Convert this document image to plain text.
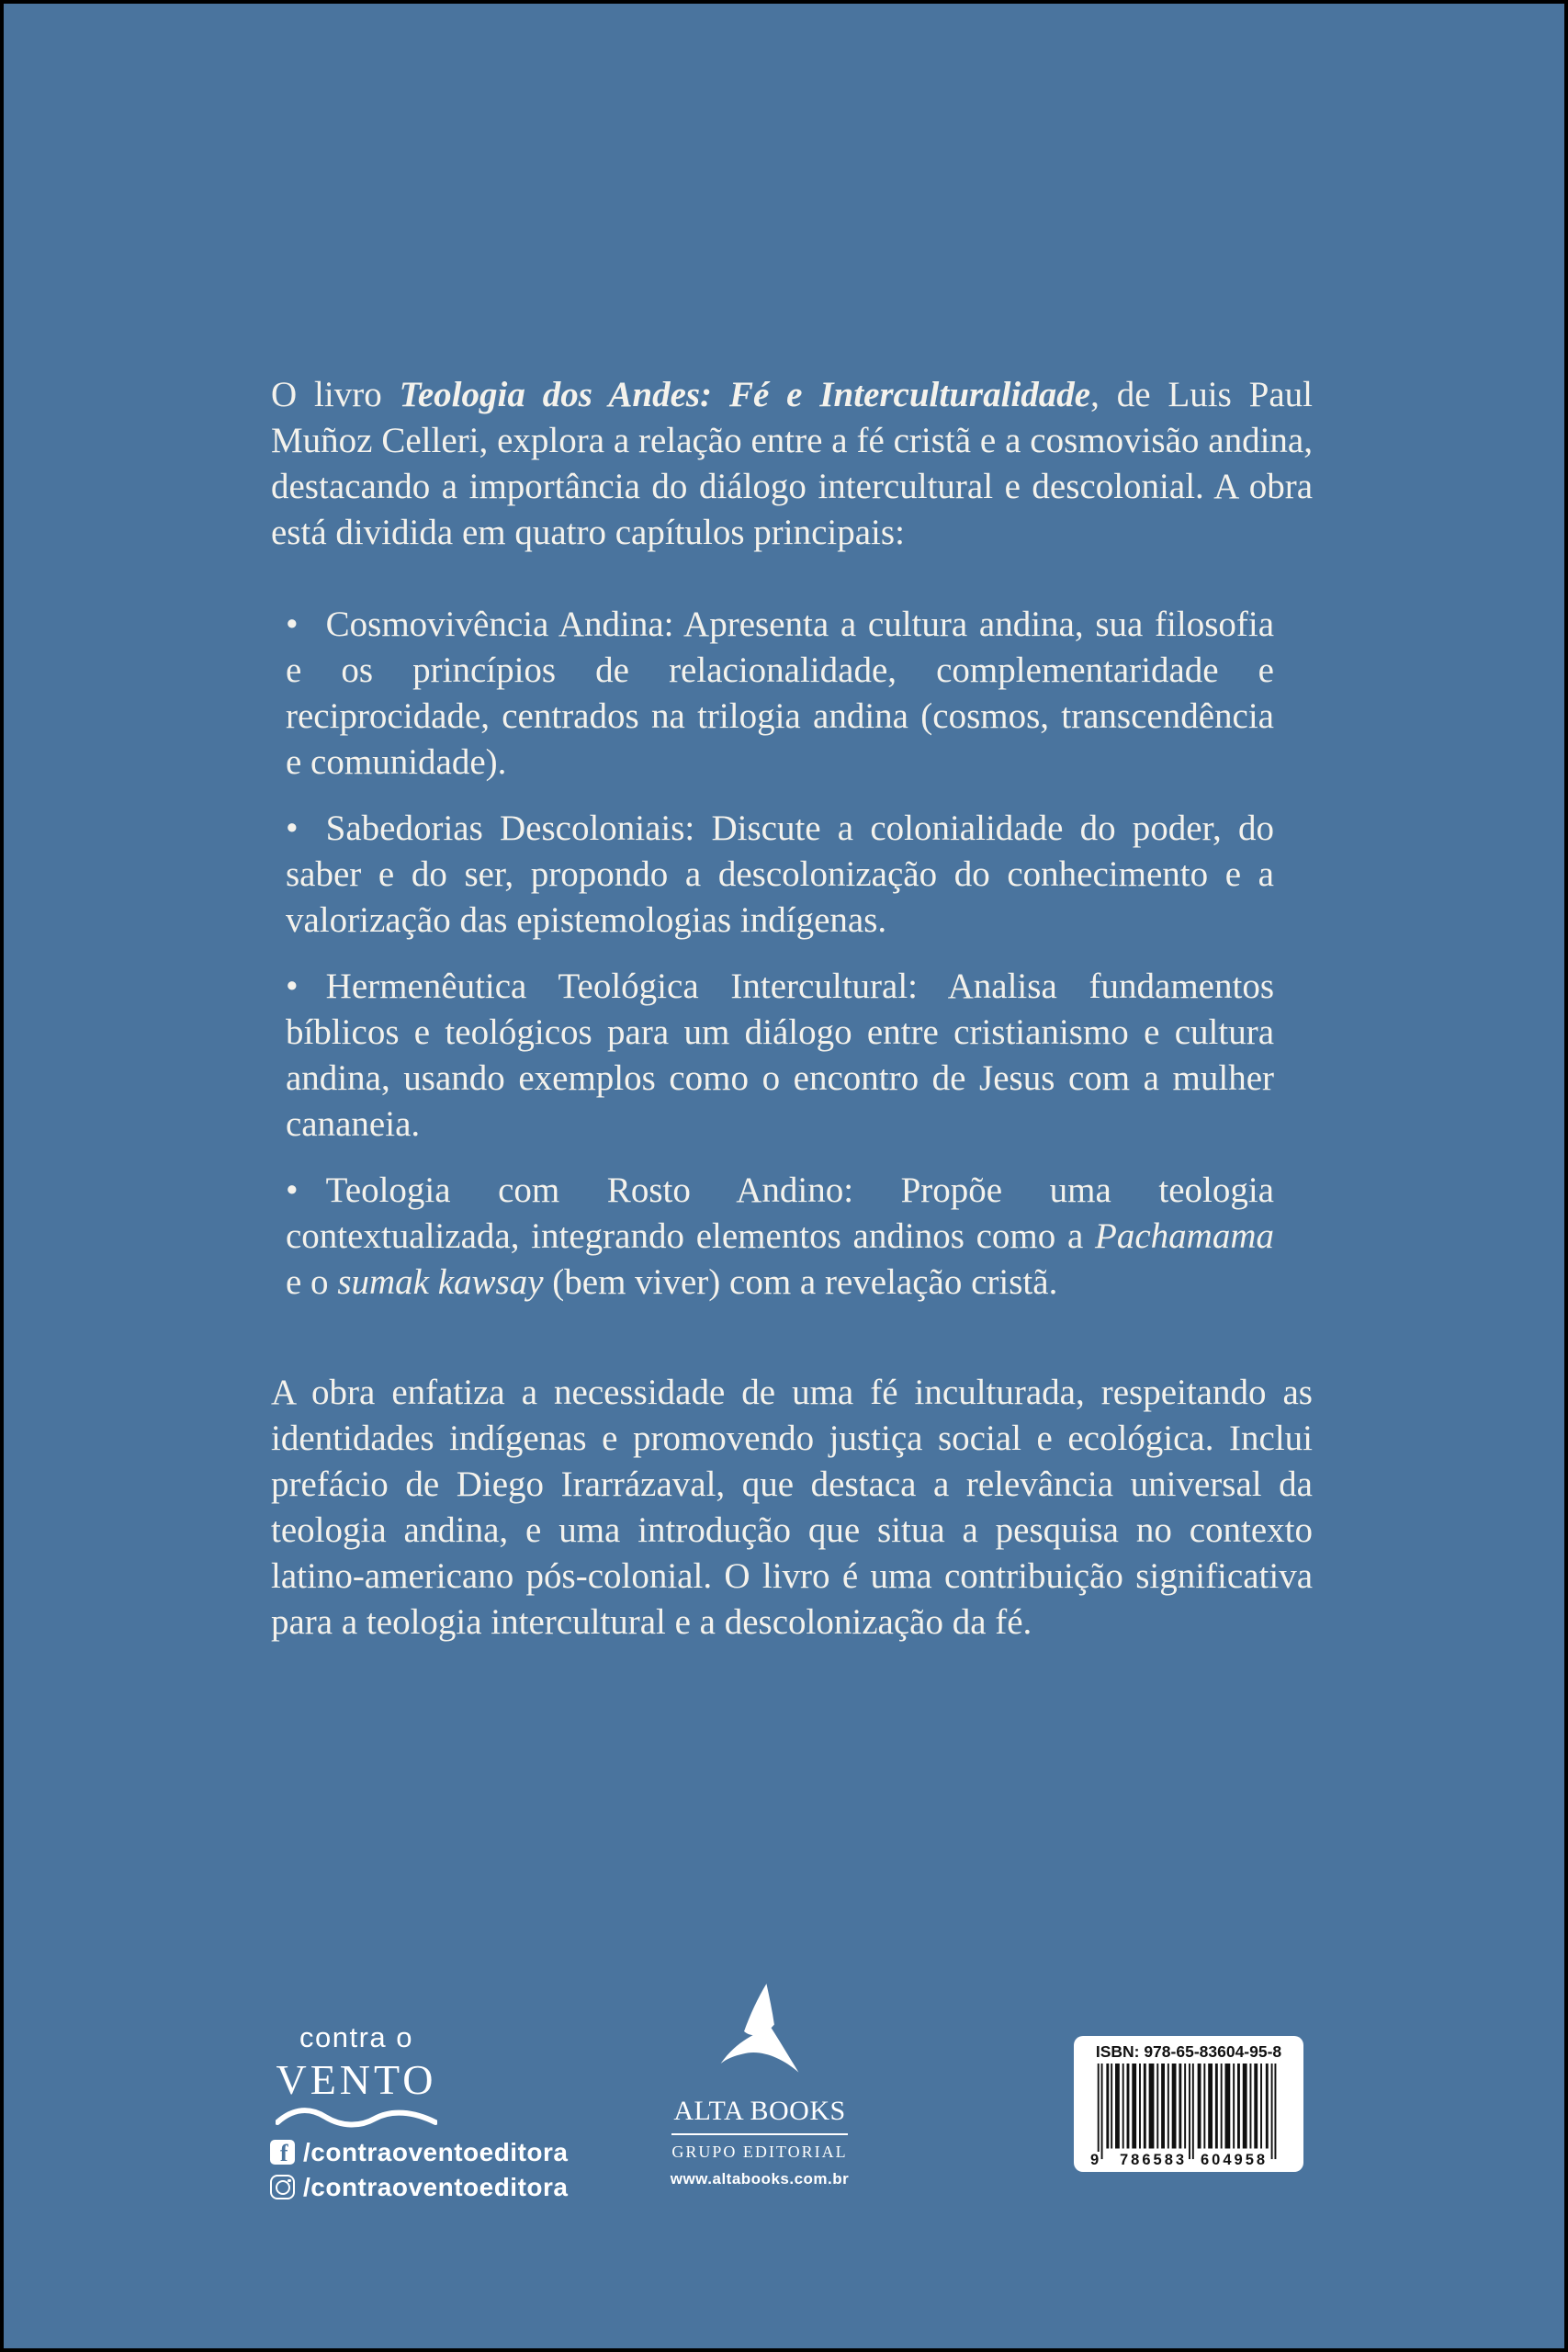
O livro Teologia dos Andes: Fé e Interculturalidade, de Luis Paul Muñoz Celleri, explora a relação entre a fé cristã e a cosmovisão andina, destacando a importância do diálogo intercultural e descolonial. A obra está dividida em quatro capítulos principais:

• Cosmovivência Andina: Apresenta a cultura andina, sua filosofia e os princípios de relacionalidade, complementaridade e reciprocidade, centrados na trilogia andina (cosmos, transcendência e comunidade).
• Sabedorias Descoloniais: Discute a colonialidade do poder, do saber e do ser, propondo a descolonização do conhecimento e a valorização das epistemologias indígenas.
• Hermenêutica Teológica Intercultural: Analisa fundamentos bíblicos e teológicos para um diálogo entre cristianismo e cultura andina, usando exemplos como o encontro de Jesus com a mulher cananeia.
• Teologia com Rosto Andino: Propõe uma teologia contextualizada, integrando elementos andinos como a Pachamama e o sumak kawsay (bem viver) com a revelação cristã.

A obra enfatiza a necessidade de uma fé inculturada, respeitando as identidades indígenas e promovendo justiça social e ecológica. Inclui prefácio de Diego Irarrázaval, que destaca a relevância universal da teologia andina, e uma introdução que situa a pesquisa no contexto latino-americano pós-colonial. O livro é uma contribuição significativa para a teologia intercultural e a descolonização da fé.

contra o
VENTO
f /contraoventoeditora
/contraoventoeditora
ALTA BOOKS
GRUPO EDITORIAL
www.altabooks.com.br
ISBN: 978-65-83604-95-8
9 786583 604958
